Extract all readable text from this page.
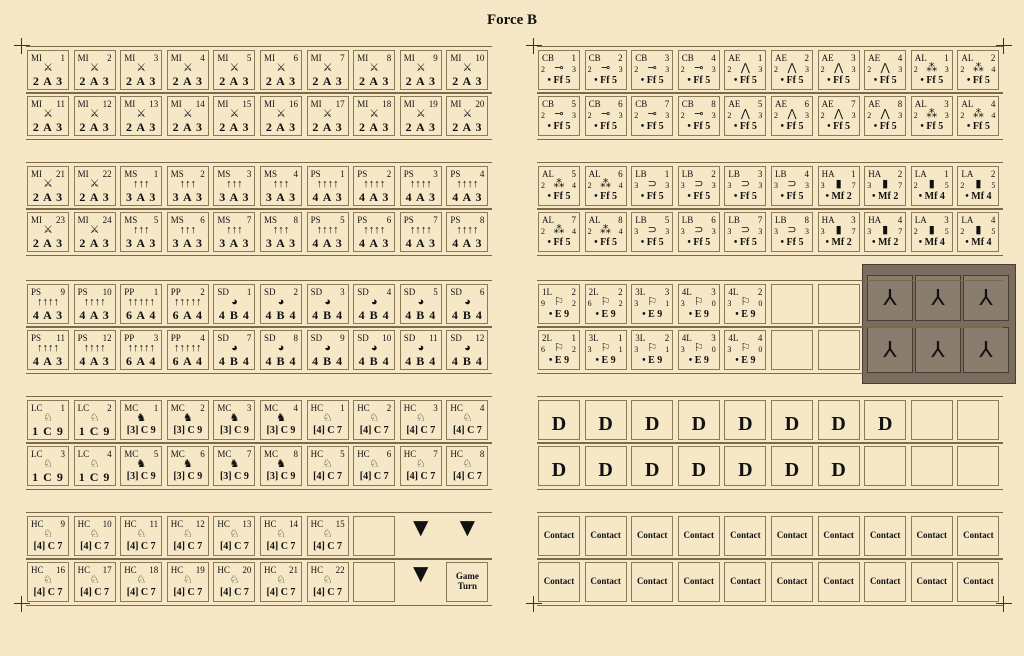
Force B
⅄	⅄	⅄
⅄	⅄	⅄
MI 1
⚔
2 A 3
MI 2
⚔
2 A 3
MI 3
⚔
2 A 3
MI 4
⚔
2 A 3
MI 5
⚔
2 A 3
MI 6
⚔
2 A 3
MI 7
⚔
2 A 3
MI 8
⚔
2 A 3
MI 9
⚔
2 A 3
MI 10
⚔
2 A 3
MI 11
⚔
2 A 3
MI 12
⚔
2 A 3
MI 13
⚔
2 A 3
MI 14
⚔
2 A 3
MI 15
⚔
2 A 3
MI 16
⚔
2 A 3
MI 17
⚔
2 A 3
MI 18
⚔
2 A 3
MI 19
⚔
2 A 3
MI 20
⚔
2 A 3
MI 21
⚔
2 A 3
MI 22
⚔
2 A 3
MS 1
↑↑↑
3 A 3
MS 2
↑↑↑
3 A 3
MS 3
↑↑↑
3 A 3
MS 4
↑↑↑
3 A 3
PS 1
↑↑↑↑
4 A 3
PS 2
↑↑↑↑
4 A 3
PS 3
↑↑↑↑
4 A 3
PS 4
↑↑↑↑
4 A 3
MI 23
⚔
2 A 3
MI 24
⚔
2 A 3
MS 5
↑↑↑
3 A 3
MS 6
↑↑↑
3 A 3
MS 7
↑↑↑
3 A 3
MS 8
↑↑↑
3 A 3
PS 5
↑↑↑↑
4 A 3
PS 6
↑↑↑↑
4 A 3
PS 7
↑↑↑↑
4 A 3
PS 8
↑↑↑↑
4 A 3
PS 9
↑↑↑↑
4 A 3
PS 10
↑↑↑↑
4 A 3
PP 1
↑↑↑↑↑
6 A 4
PP 2
↑↑↑↑↑
6 A 4
SD 1
◕
4 B 4
SD 2
◕
4 B 4
SD 3
◕
4 B 4
SD 4
◕
4 B 4
SD 5
◕
4 B 4
SD 6
◕
4 B 4
PS 11
↑↑↑↑
4 A 3
PS 12
↑↑↑↑
4 A 3
PP 3
↑↑↑↑↑
6 A 4
PP 4
↑↑↑↑↑
6 A 4
SD 7
◕
4 B 4
SD 8
◕
4 B 4
SD 9
◕
4 B 4
SD 10
◕
4 B 4
SD 11
◕
4 B 4
SD 12
◕
4 B 4
LC 1
♘
1 C 9
LC 2
♘
1 C 9
MC 1
♞
[3] C 9
MC 2
♞
[3] C 9
MC 3
♞
[3] C 9
MC 4
♞
[3] C 9
HC 1
♘
[4] C 7
HC 2
♘
[4] C 7
HC 3
♘
[4] C 7
HC 4
♘
[4] C 7
LC 3
♘
1 C 9
LC 4
♘
1 C 9
MC 5
♞
[3] C 9
MC 6
♞
[3] C 9
MC 7
♞
[3] C 9
MC 8
♞
[3] C 9
HC 5
♘
[4] C 7
HC 6
♘
[4] C 7
HC 7
♘
[4] C 7
HC 8
♘
[4] C 7
HC 9
♘
[4] C 7
HC 10
♘
[4] C 7
HC 11
♘
[4] C 7
HC 12
♘
[4] C 7
HC 13
♘
[4] C 7
HC 14
♘
[4] C 7
HC 15
♘
[4] C 7
▼ ▼
HC 16
♘
[4] C 7
HC 17
♘
[4] C 7
HC 18
♘
[4] C 7
HC 19
♘
[4] C 7
HC 20
♘
[4] C 7
HC 21
♘
[4] C 7
HC 22
♘
[4] C 7
▼	Game Turn
CB 1
⊸
2	3
• Ff 5
CB 2
⊸
2	3
• Ff 5
CB 3
⊸
2	3
• Ff 5
CB 4
⊸
2	3
• Ff 5
AE 1
⋀
2	3
• Ff 5
AE 2
⋀
2	3
• Ff 5
AE 3
⋀
2	3
• Ff 5
AE 4
⋀
2	3
• Ff 5
AL 1
⁂
2	3
• Ff 5
AL 2
⁂
2	4
• Ff 5
CB 5
⊸
2	3
• Ff 5
CB 6
⊸
2	3
• Ff 5
CB 7
⊸
2	3
• Ff 5
CB 8
⊸
2	3
• Ff 5
AE 5
⋀
2	3
• Ff 5
AE 6
⋀
2	3
• Ff 5
AE 7
⋀
2	3
• Ff 5
AE 8
⋀
2	3
• Ff 5
AL 3
⁂
2	3
• Ff 5
AL 4
⁂
2	4
• Ff 5
AL 5
⁂
2	4
• Ff 5
AL 6
⁂
2	4
• Ff 5
LB 1
⊃
3	3
• Ff 5
LB 2
⊃
3	3
• Ff 5
LB 3
⊃
3	3
• Ff 5
LB 4
⊃
3	3
• Ff 5
HA 1
▮
3	7
• Mf 2
HA 2
▮
3	7
• Mf 2
LA 1
▮
2	5
• Mf 4
LA 2
▮
2	5
• Mf 4
AL 7
⁂
2	4
• Ff 5
AL 8
⁂
2	4
• Ff 5
LB 5
⊃
3	3
• Ff 5
LB 6
⊃
3	3
• Ff 5
LB 7
⊃
3	3
• Ff 5
LB 8
⊃
3	3
• Ff 5
HA 3
▮
3	7
• Mf 2
HA 4
▮
3	7
• Mf 2
LA 3
▮
2	5
• Mf 4
LA 4
▮
2	5
• Mf 4
1L 2
⚐
9	2
• E 9
2L 2
⚐
6	2
• E 9
3L 3
⚐
3	1
• E 9
4L 3
⚐
3	0
• E 9
4L 2
⚐
3	0
• E 9
2L 1
⚐
6	2
• E 9
3L 1
⚐
3	1
• E 9
3L 2
⚐
3	1
• E 9
4L 3
⚐
3	0
• E 9
4L 4
⚐
3	0
• E 9
D	D	D	D	D	D	D	D
D	D	D	D	D	D	D
Contact	Contact	Contact	Contact	Contact	Contact	Contact	Contact	Contact	Contact
Contact	Contact	Contact	Contact	Contact	Contact	Contact	Contact	Contact	Contact
